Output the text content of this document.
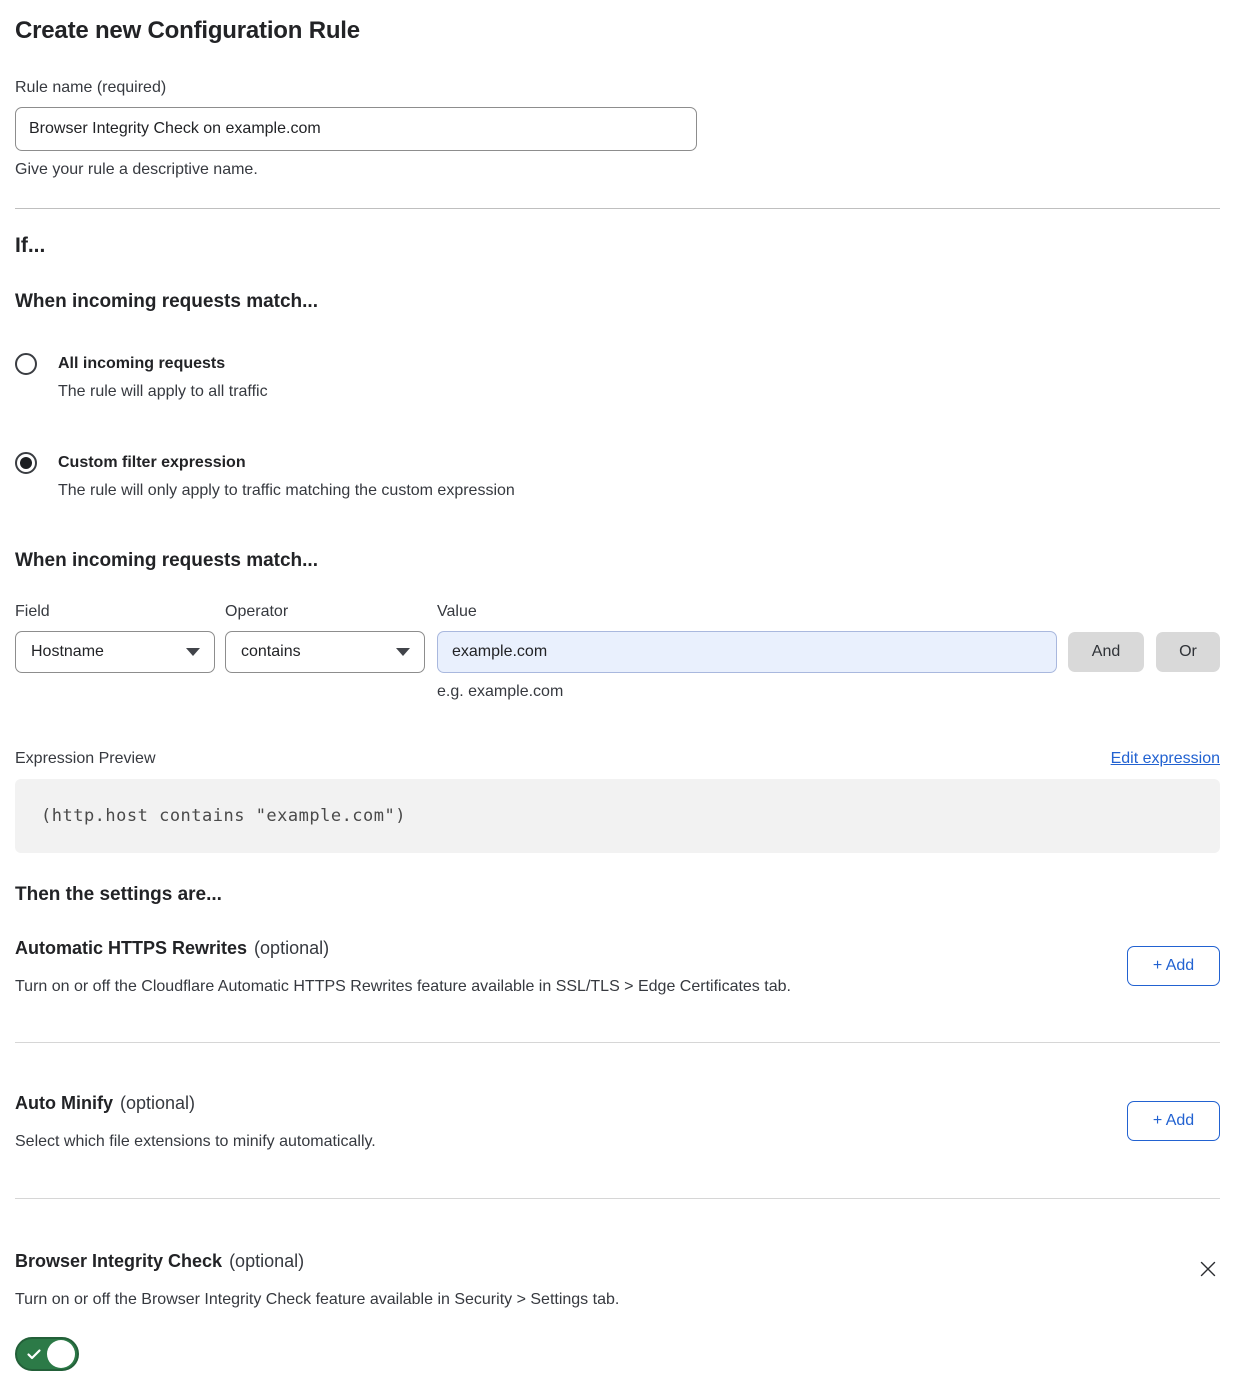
Create new Configuration Rule
Rule name (required)
Browser Integrity Check on example.com
Give your rule a descriptive name.
If...
When incoming requests match...
All incoming requests
The rule will apply to all traffic
Custom filter expression
The rule will only apply to traffic matching the custom expression
When incoming requests match...
Field
Hostname
Operator
contains
Value
example.com
e.g. example.com
And	Or
Expression Preview	Edit expression
(http.host contains "example.com")
Then the settings are...
Automatic HTTPS Rewrites (optional)
Turn on or off the Cloudflare Automatic HTTPS Rewrites feature available in SSL/TLS > Edge Certificates tab.
+ Add
Auto Minify (optional)
Select which file extensions to minify automatically.
+ Add
Browser Integrity Check (optional)
Turn on or off the Browser Integrity Check feature available in Security > Settings tab.
